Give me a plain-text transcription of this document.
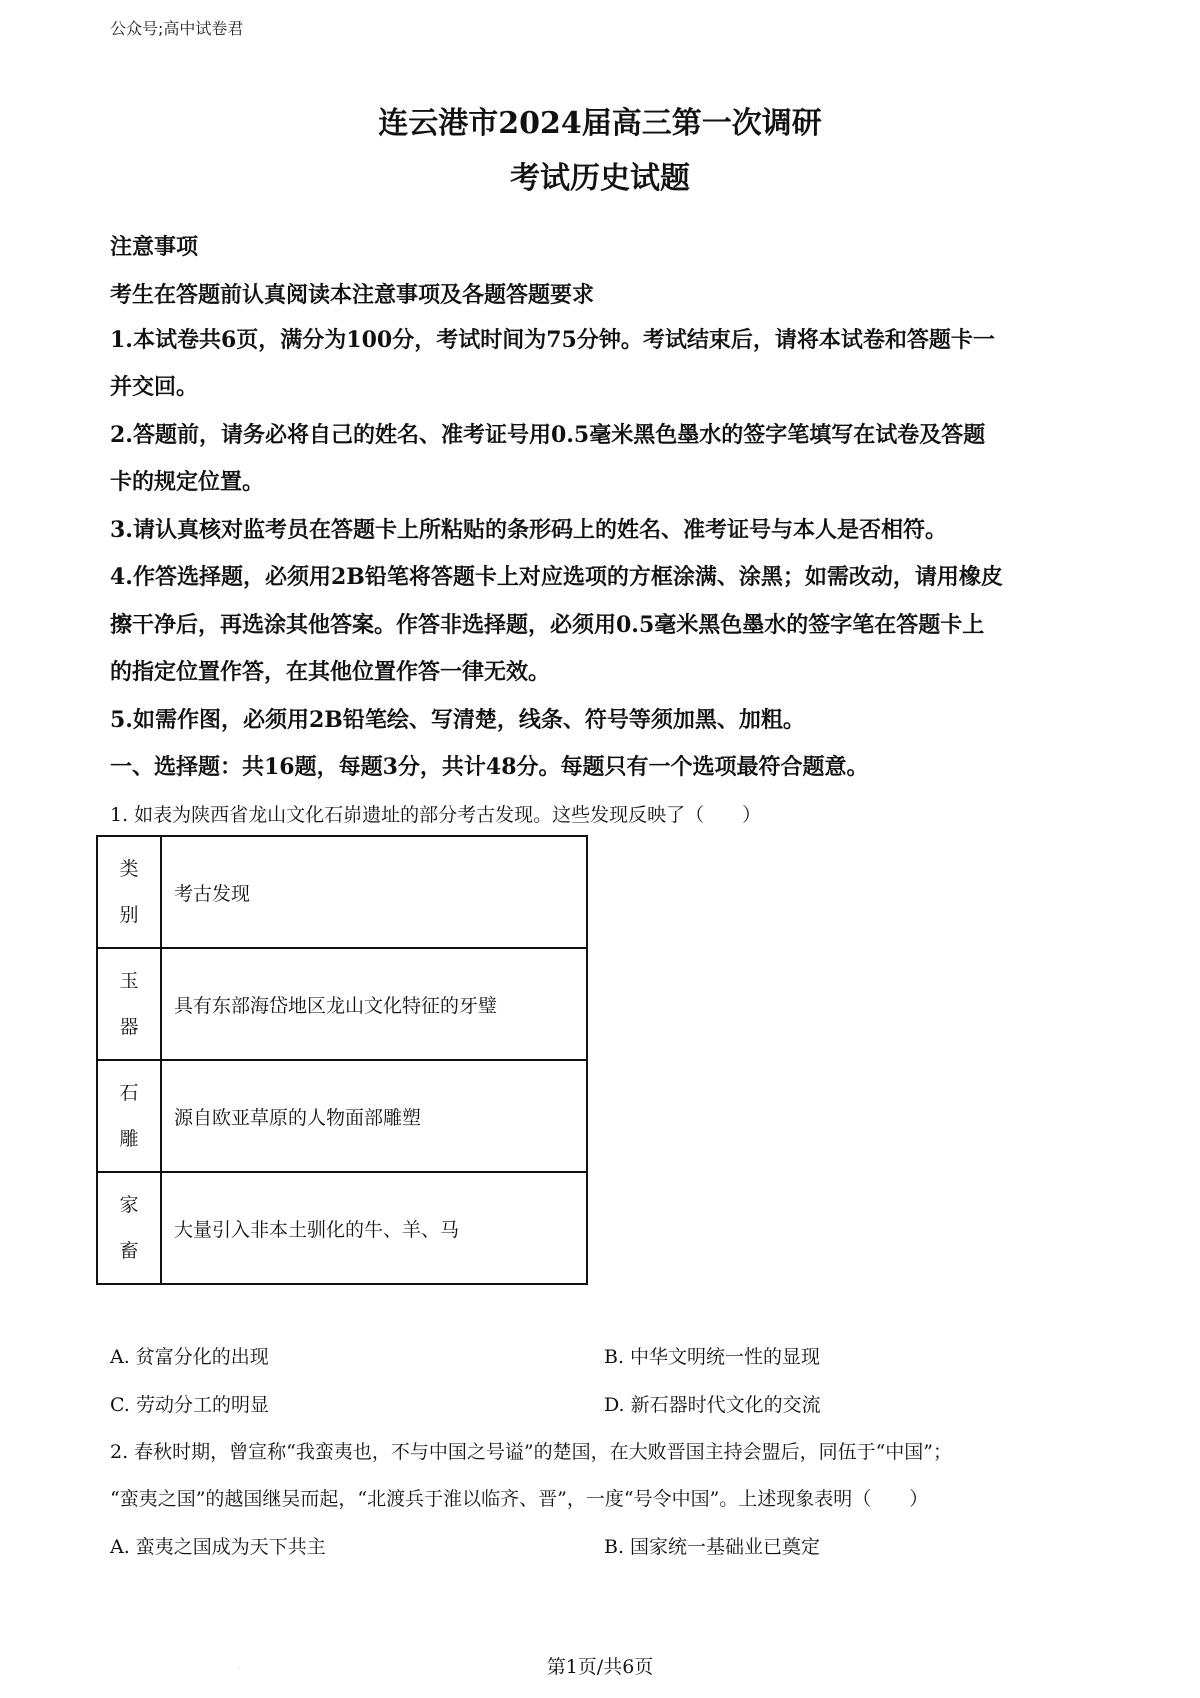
公众号;高中试卷君
连云港市2024届高三第一次调研
考试历史试题
注意事项
考生在答题前认真阅读本注意事项及各题答题要求
1.本试卷共6页，满分为100分，考试时间为75分钟。考试结束后，请将本试卷和答题卡一
并交回。
2.答题前，请务必将自己的姓名、准考证号用0.5毫米黑色墨水的签字笔填写在试卷及答题
卡的规定位置。
3.请认真核对监考员在答题卡上所粘贴的条形码上的姓名、准考证号与本人是否相符。
4.作答选择题，必须用2B铅笔将答题卡上对应选项的方框涂满、涂黑；如需改动，请用橡皮
擦干净后，再选涂其他答案。作答非选择题，必须用0.5毫米黑色墨水的签字笔在答题卡上
的指定位置作答，在其他位置作答一律无效。
5.如需作图，必须用2B铅笔绘、写清楚，线条、符号等须加黑、加粗。
一、选择题：共16题，每题3分，共计48分。每题只有一个选项最符合题意。
1. 如表为陕西省龙山文化石峁遗址的部分考古发现。这些发现反映了（　　）
类
别	考古发现

玉
器	具有东部海岱地区龙山文化特征的牙璧

石
雕	源自欧亚草原的人物面部雕塑

家
畜	大量引入非本土驯化的牛、羊、马
A. 贫富分化的出现	B. 中华文明统一性的显现
C. 劳动分工的明显	D. 新石器时代文化的交流
2. 春秋时期，曾宣称“我蛮夷也，不与中国之号谥”的楚国，在大败晋国主持会盟后，同伍于“中国”；
“蛮夷之国”的越国继吴而起，“北渡兵于淮以临齐、晋”，一度“号令中国”。上述现象表明（　　）
A. 蛮夷之国成为天下共主	B. 国家统一基础业已奠定
·	第1页/共6页
